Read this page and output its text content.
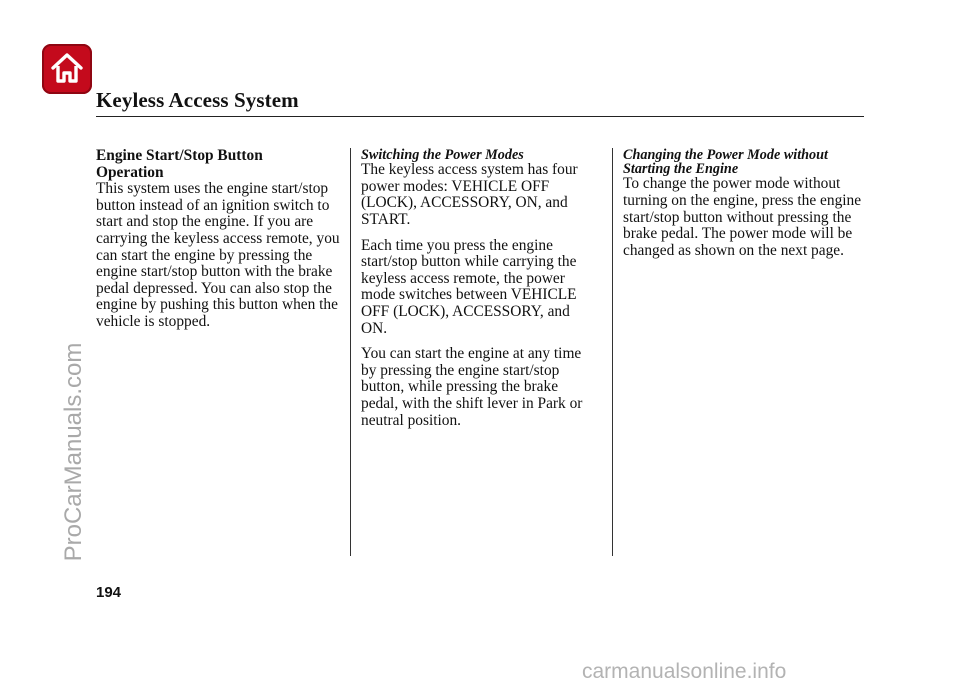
Keyless Access System
Engine Start/Stop Button
Operation

This system uses the engine start/stop button instead of an ignition switch to start and stop the engine. If you are carrying the keyless access remote, you can start the engine by pressing the engine start/stop button with the brake pedal depressed. You can also stop the engine by pushing this button when the vehicle is stopped.

Switching the Power Modes

The keyless access system has four power modes: VEHICLE OFF (LOCK), ACCESSORY, ON, and START.

Each time you press the engine start/stop button while carrying the keyless access remote, the power mode switches between VEHICLE OFF (LOCK), ACCESSORY, and ON.

You can start the engine at any time by pressing the engine start/stop button, while pressing the brake pedal, with the shift lever in Park or neutral position.

Changing the Power Mode without
Starting the Engine

To change the power mode without turning on the engine, press the engine start/stop button without pressing the brake pedal. The power mode will be changed as shown on the next page.

194
ProCarManuals.com
carmanualsonline.info
